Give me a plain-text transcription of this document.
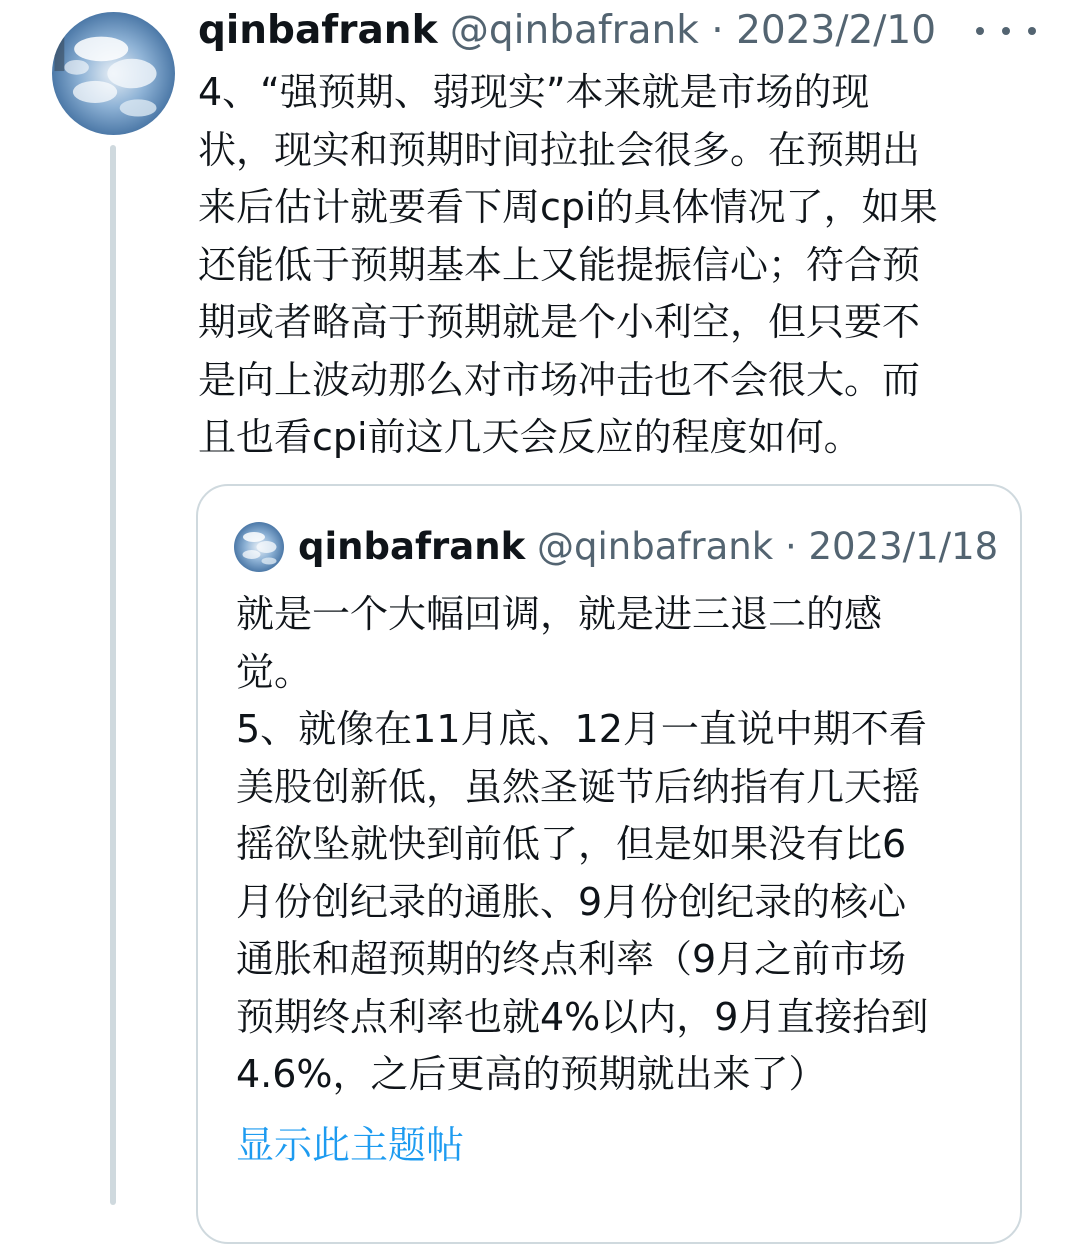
qinbafrank @qinbafrank · 2023/2/10

4、“强预期、弱现实”本来就是市场的现
状，现实和预期时间拉扯会很多。在预期出
来后估计就要看下周cpi的具体情况了，如果
还能低于预期基本上又能提振信心；符合预
期或者略高于预期就是个小利空，但只要不
是向上波动那么对市场冲击也不会很大。而
且也看cpi前这几天会反应的程度如何。

qinbafrank @qinbafrank · 2023/1/18

就是一个大幅回调，就是进三退二的感
觉。
5、就像在11月底、12月一直说中期不看
美股创新低，虽然圣诞节后纳指有几天摇
摇欲坠就快到前低了，但是如果没有比6
月份创纪录的通胀、9月份创纪录的核心
通胀和超预期的终点利率（9月之前市场
预期终点利率也就4%以内，9月直接抬到
4.6%，之后更高的预期就出来了）

显示此主题帖
